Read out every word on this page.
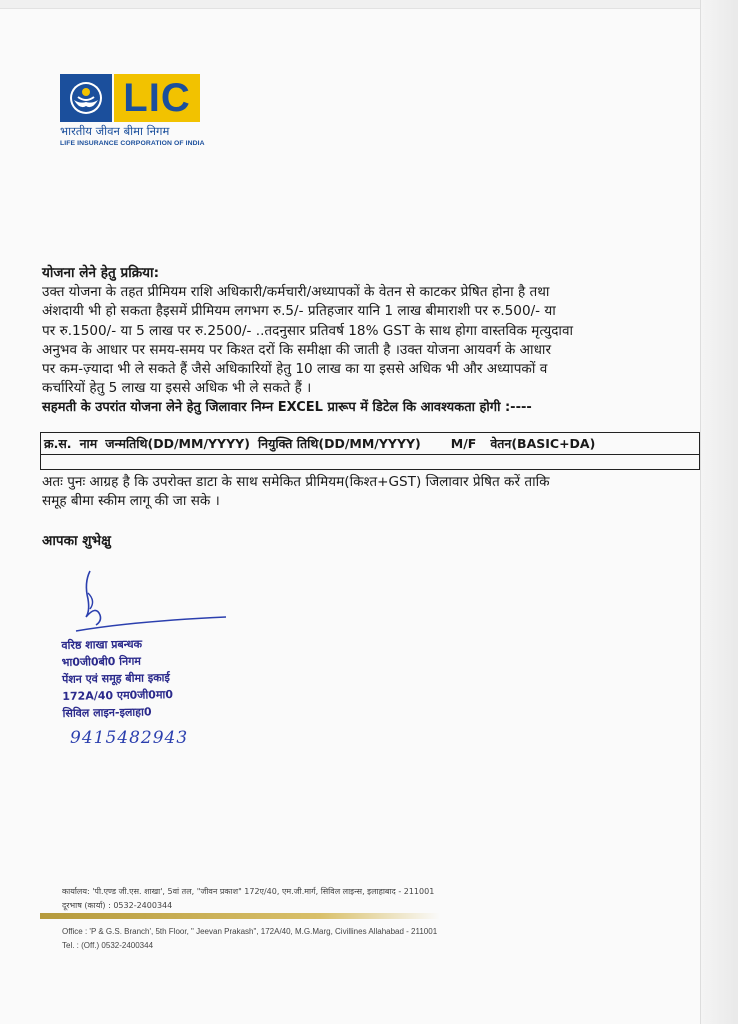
LIC
भारतीय जीवन बीमा निगम
LIFE INSURANCE CORPORATION OF INDIA
योजना लेने हेतु प्रक्रिया:
उक्त योजना के तहत प्रीमियम राशि अधिकारी/कर्मचारी/अध्यापकों के वेतन से काटकर प्रेषित होना है तथा
अंशदायी भी हो सकता हैइसमें प्रीमियम लगभग रु.5/- प्रतिहजार यानि 1 लाख बीमाराशी पर रु.500/- या
पर रु.1500/- या 5 लाख पर रु.2500/- ..तदनुसार प्रतिवर्ष 18% GST के साथ होगा वास्तविक मृत्युदावा
अनुभव के आधार पर समय-समय पर किश्त दरों कि समीक्षा की जाती है ।उक्त योजना आयवर्ग के आधार
पर कम-ज़्यादा भी ले सकते हैं जैसे अधिकारियों हेतु 10 लाख का या इससे अधिक भी और अध्यापकों व
कर्चारियों हेतु 5 लाख या इससे अधिक भी ले सकते हैं ।
सहमती के उपरांत योजना लेने हेतु जिलावार निम्न EXCEL प्रारूप में डिटेल कि आवश्यकता होगी :----
क्र.स. नाम जन्मतिथि(DD/MM/YYYY) नियुक्ति तिथि(DD/MM/YYYY) M/F वेतन(BASIC+DA)
अतः पुनः आग्रह है कि उपरोक्त डाटा के साथ समेकित प्रीमियम(किश्त+GST) जिलावार प्रेषित करें ताकि
समूह बीमा स्कीम लागू की जा सके ।
आपका शुभेक्षु
वरिष्ठ शाखा प्रबन्धक
भा0जी0बी0 निगम
पेंशन एवं समूह बीमा इकाई
172A/40 एम0जी0मा0
सिविल लाइन-इलाहा0
9415482943
कार्यालय: 'पी.एण्ड जी.एस. शाखा', 5वां तल, "जीवन प्रकाश" 172ए/40, एम.जी.मार्ग, सिविल लाइन्स, इलाहाबाद - 211001
दूरभाष (कार्या) : 0532-2400344
Office : 'P & G.S. Branch', 5th Floor, " Jeevan Prakash", 172A/40, M.G.Marg, Civillines Allahabad - 211001
Tel. : (Off.) 0532-2400344
